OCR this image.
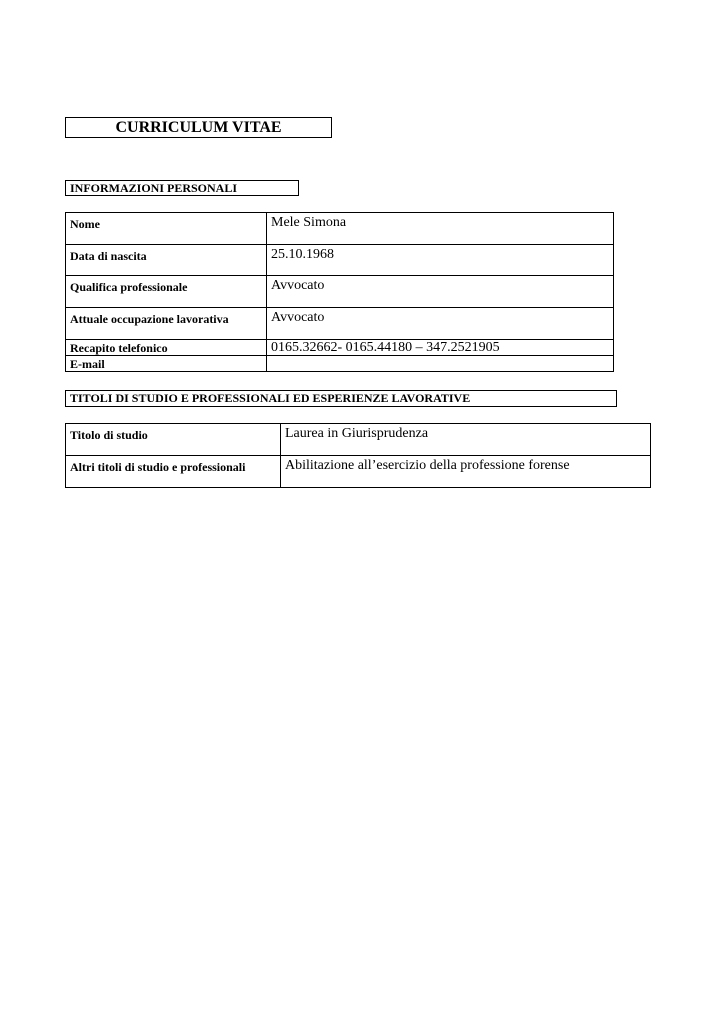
CURRICULUM VITAE
INFORMAZIONI PERSONALI
Nome	Mele Simona
Data di nascita	25.10.1968
Qualifica professionale	Avvocato
Attuale occupazione lavorativa	Avvocato
Recapito telefonico	0165.32662- 0165.44180 – 347.2521905
E-mail	
TITOLI DI STUDIO E PROFESSIONALI ED ESPERIENZE LAVORATIVE
Titolo di studio	Laurea in Giurisprudenza
Altri titoli di studio e professionali	Abilitazione all’esercizio della professione forense
